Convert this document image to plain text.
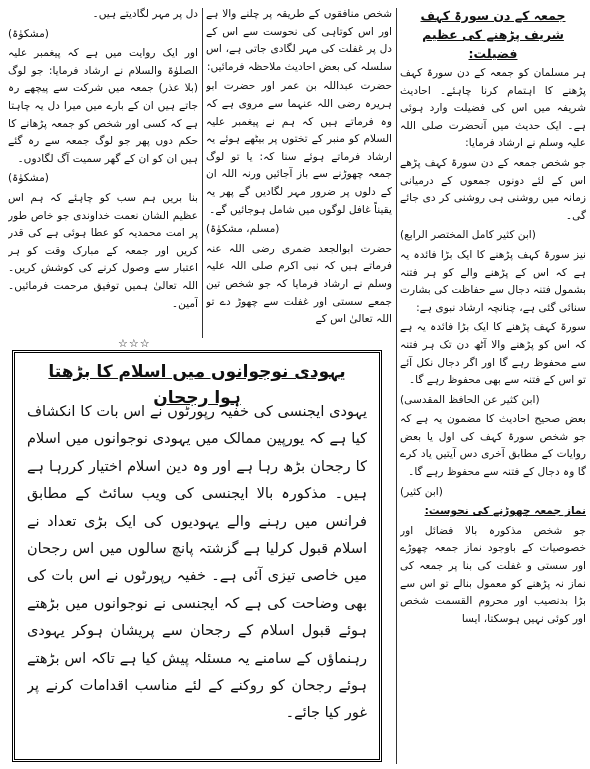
جمعہ کے دن سورۃ کہف شریف پڑھنے کی عظیم فضیلت:

ہر مسلمان کو جمعہ کے دن سورۃ کہف پڑھنے کا اہتمام کرنا چاہئے۔ احادیث شریفہ میں اس کی فضیلت وارد ہوئی ہے۔ ایک حدیث میں آنحضرت صلی اللہ علیہ وسلم نے ارشاد فرمایا:

جو شخص جمعہ کے دن سورۃ کہف پڑھے اس کے لئے دونوں جمعوں کے درمیانی زمانہ میں روشنی ہی روشنی کر دی جائے گی۔

(ابن کثیر کامل المختصر الرابع)

نیز سورۃ کہف پڑھنے کا ایک بڑا فائدہ یہ ہے کہ اس کے پڑھنے والے کو ہر فتنہ بشمول فتنہ دجال سے حفاظت کی بشارت سنائی گئی ہے، چنانچہ ارشاد نبوی ہے:

سورۃ کہف پڑھنے کا ایک بڑا فائدہ یہ ہے کہ اس کو پڑھنے والا آٹھ دن تک ہر فتنہ سے محفوظ رہے گا اور اگر دجال نکل آئے تو اس کے فتنہ سے بھی محفوظ رہے گا۔

(ابن کثیر عن الحافظ المقدسی)

بعض صحیح احادیث کا مضمون یہ ہے کہ جو شخص سورۃ کہف کی اول یا بعض روایات کے مطابق آخری دس آیتیں یاد کرے گا وہ دجال کے فتنہ سے محفوظ رہے گا۔

(ابن کثیر)

نماز جمعہ چھوڑنے کی نحوست:

جو شخص مذکورہ بالا فضائل اور خصوصیات کے باوجود نماز جمعہ چھوڑے اور سستی و غفلت کی بنا پر جمعہ کی نماز نہ پڑھنے کو معمول بنالے تو اس سے بڑا بدنصیب اور محروم القسمت شخص اور کوئی نہیں ہوسکتا، ایسا

شخص منافقوں کے طریقہ پر چلنے والا ہے اور اس کوتاہی کی نحوست سے اس کے دل پر غفلت کی مہر لگادی جاتی ہے، اس سلسلہ کی بعض احادیث ملاحظہ فرمائیں:

حضرت عبداللہ بن عمر اور حضرت ابو ہریرہ رضی اللہ عنہما سے مروی ہے کہ وہ فرماتے ہیں کہ ہم نے پیغمبر علیہ السلام کو منبر کے تختوں پر بیٹھے ہوئے یہ ارشاد فرماتے ہوئے سنا کہ: یا تو لوگ جمعہ چھوڑنے سے باز آجائیں ورنہ اللہ ان کے دلوں پر ضرور مہر لگادیں گے پھر یہ یقیناً غافل لوگوں میں شامل ہوجائیں گے۔

(مسلم، مشکوٰۃ)

حضرت ابوالجعد ضمری رضی اللہ عنہ فرماتے ہیں کہ نبی اکرم صلی اللہ علیہ وسلم نے ارشاد فرمایا کہ جو شخص تین جمعے سستی اور غفلت سے چھوڑ دے تو اللہ تعالیٰ اس کے

دل پر مہر لگادیتے ہیں۔

(مشکوٰۃ)

اور ایک روایت میں ہے کہ پیغمبر علیہ الصلوٰۃ والسلام نے ارشاد فرمایا: جو لوگ (بلا عذر) جمعہ میں شرکت سے پیچھے رہ جاتے ہیں ان کے بارے میں میرا دل یہ چاہتا ہے کہ کسی اور شخص کو جمعہ پڑھانے کا حکم دوں پھر جو لوگ جمعہ سے رہ گئے ہیں ان کو ان کے گھر سمیت آگ لگادوں۔

(مشکوٰۃ)

بنا بریں ہم سب کو چاہئے کہ ہم اس عظیم الشان نعمت خداوندی جو خاص طور پر امت محمدیہ کو عطا ہوئی ہے کی قدر کریں اور جمعہ کے مبارک وقت کو ہر اعتبار سے وصول کرنے کی کوشش کریں۔ اللہ تعالیٰ ہمیں توفیق مرحمت فرمائیں۔ آمین۔

☆☆☆
یہودی نوجوانوں میں اسلام کا بڑھتا ہوا رجحان
یہودی ایجنسی کی خفیہ رپورٹوں نے اس بات کا انکشاف کیا ہے کہ یورپین ممالک میں یہودی نوجوانوں میں اسلام کا رجحان بڑھ رہا ہے اور وہ دین اسلام اختیار کررہا ہے ہیں۔ مذکورہ بالا ایجنسی کی ویب سائٹ کے مطابق فرانس میں رہنے والے یہودیوں کی ایک بڑی تعداد نے اسلام قبول کرلیا ہے گزشتہ پانچ سالوں میں اس رجحان میں خاصی تیزی آئی ہے۔ خفیہ رپورٹوں نے اس بات کی بھی وضاحت کی ہے کہ ایجنسی نے نوجوانوں میں بڑھتے ہوئے قبول اسلام کے رجحان سے پریشان ہوکر یہودی رہنماؤں کے سامنے یہ مسئلہ پیش کیا ہے تاکہ اس بڑھتے ہوئے رجحان کو روکنے کے لئے مناسب اقدامات کرنے پر غور کیا جائے۔
